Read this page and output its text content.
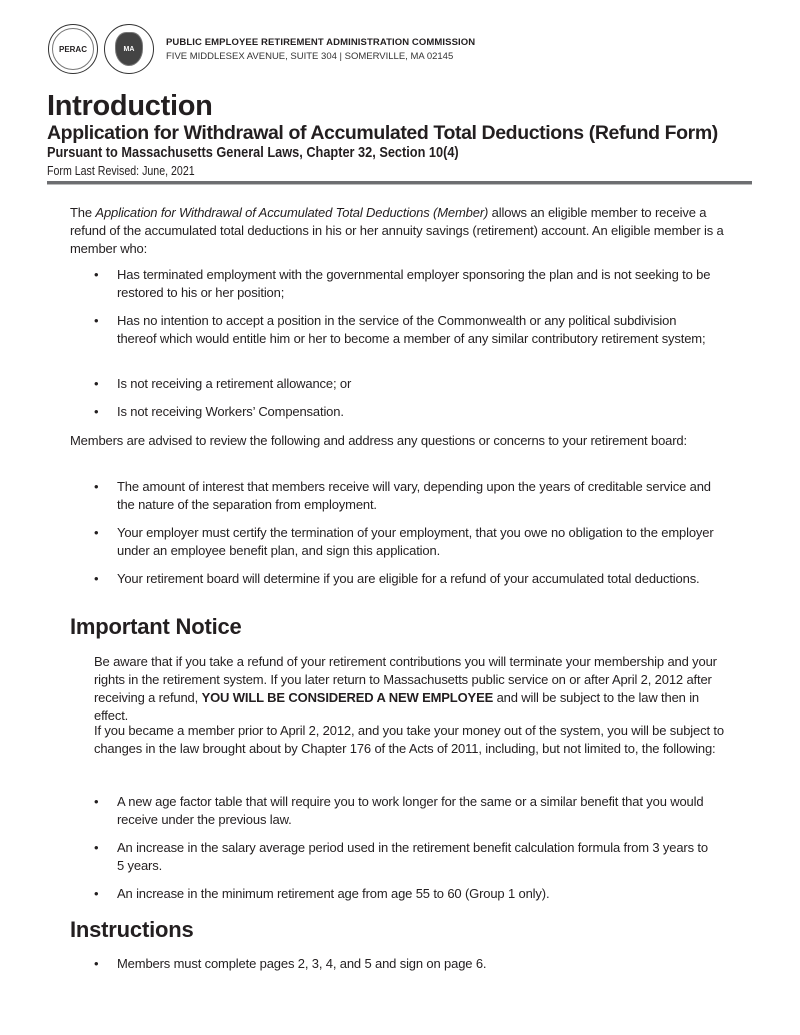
PERAC	MA
PUBLIC EMPLOYEE RETIREMENT ADMINISTRATION COMMISSION
FIVE MIDDLESEX AVENUE, SUITE 304 | SOMERVILLE, MA 02145
Introduction
Application for Withdrawal of Accumulated Total Deductions (Refund Form)
Pursuant to Massachusetts General Laws, Chapter 32, Section 10(4)
Form Last Revised: June, 2021
The Application for Withdrawal of Accumulated Total Deductions (Member) allows an eligible member to receive a refund of the accumulated total deductions in his or her annuity savings (retirement) account. An eligible member is a member who:
• Has terminated employment with the governmental employer sponsoring the plan and is not seeking to be restored to his or her position;
• Has no intention to accept a position in the service of the Commonwealth or any political subdivision thereof which would entitle him or her to become a member of any similar contributory retirement system;
• Is not receiving a retirement allowance; or
• Is not receiving Workers’ Compensation.
Members are advised to review the following and address any questions or concerns to your retirement board:
• The amount of interest that members receive will vary, depending upon the years of creditable service and the nature of the separation from employment.
• Your employer must certify the termination of your employment, that you owe no obligation to the employer under an employee benefit plan, and sign this application.
• Your retirement board will determine if you are eligible for a refund of your accumulated total deductions.
Important Notice
Be aware that if you take a refund of your retirement contributions you will terminate your membership and your rights in the retirement system. If you later return to Massachusetts public service on or after April 2, 2012 after receiving a refund, YOU WILL BE CONSIDERED A NEW EMPLOYEE and will be subject to the law then in effect.
If you became a member prior to April 2, 2012, and you take your money out of the system, you will be subject to changes in the law brought about by Chapter 176 of the Acts of 2011, including, but not limited to, the following:
• A new age factor table that will require you to work longer for the same or a similar benefit that you would receive under the previous law.
• An increase in the salary average period used in the retirement benefit calculation formula from 3 years to 5 years.
• An increase in the minimum retirement age from age 55 to 60 (Group 1 only).
Instructions
• Members must complete pages 2, 3, 4, and 5 and sign on page 6.
